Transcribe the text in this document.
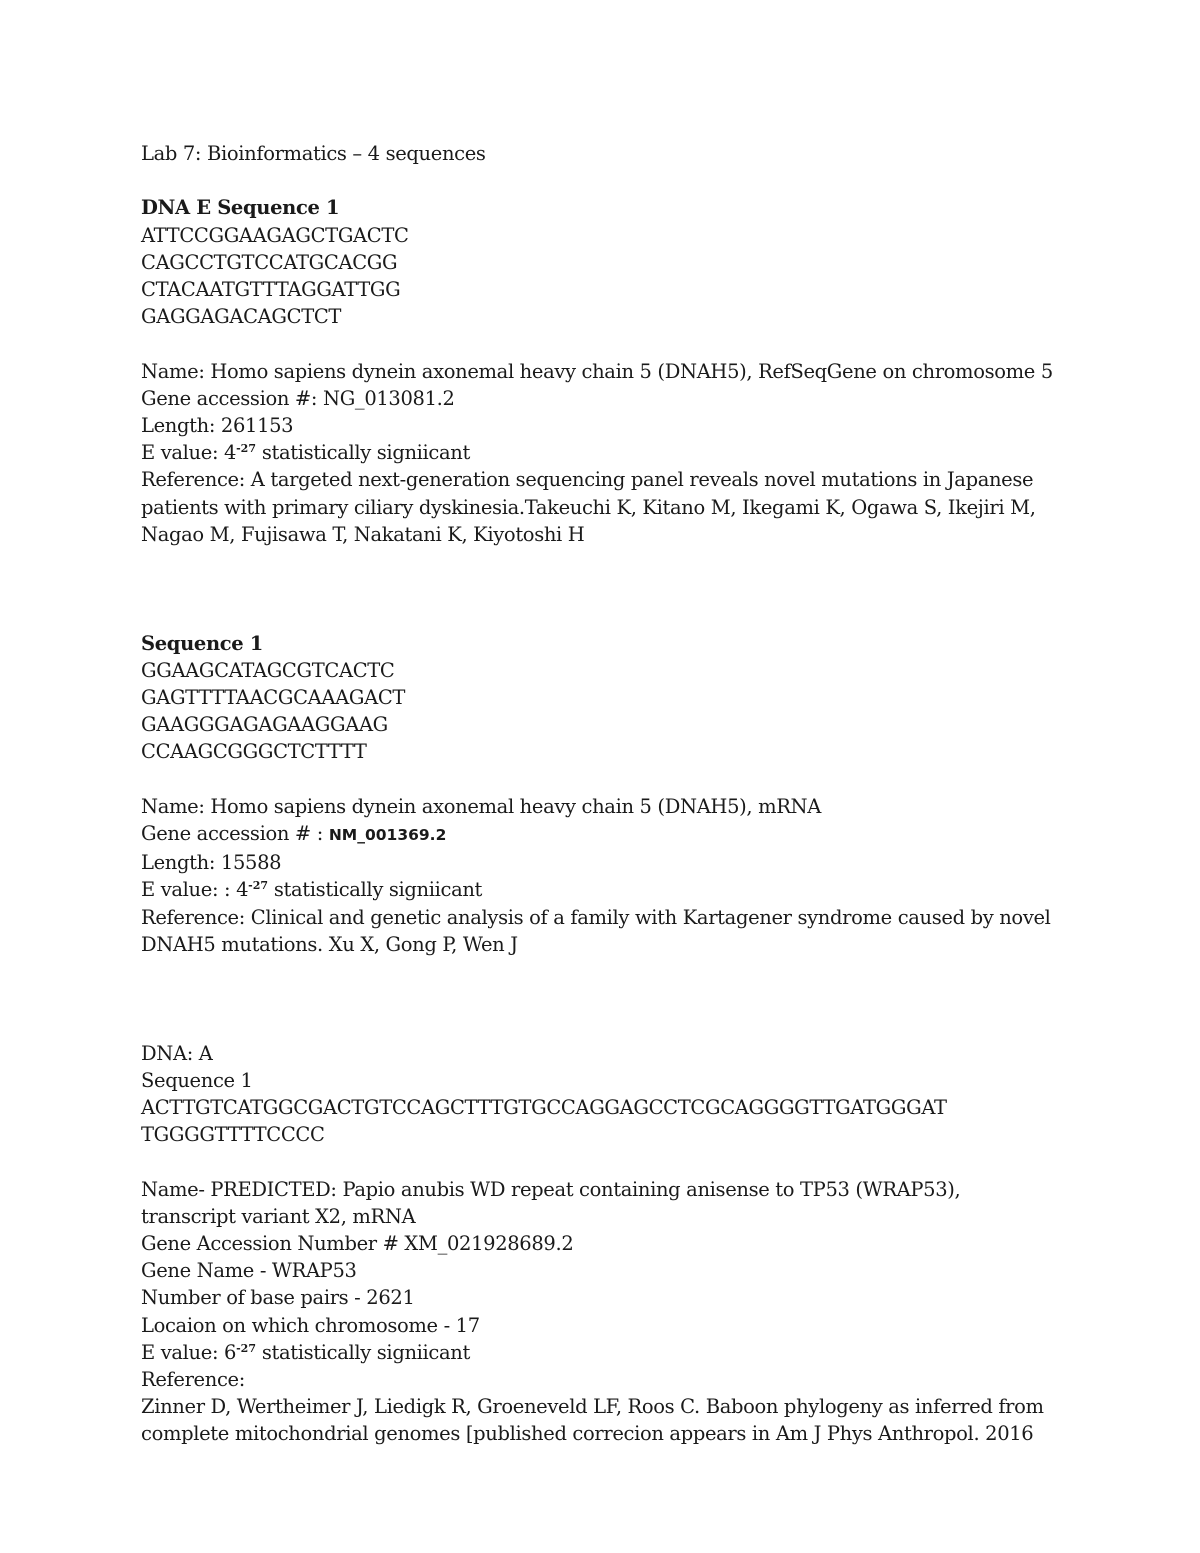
Lab 7: Bioinformatics – 4 sequences
DNA E Sequence 1
ATTCCGGAAGAGCTGACTC
CAGCCTGTCCATGCACGG
CTACAATGTTTAGGATTGG
GAGGAGACAGCTCT
Name: Homo sapiens dynein axonemal heavy chain 5 (DNAH5), RefSeqGene on chromosome 5
Gene accession #: NG_013081.2
Length: 261153
E value: $4^{-27}$ statistically signiicant
Reference: A targeted next-generation sequencing panel reveals novel mutations in Japanese
patients with primary ciliary dyskinesia.Takeuchi K, Kitano M, Ikegami K, Ogawa S, Ikejiri M,
Nagao M, Fujisawa T, Nakatani K, Kiyotoshi H
Sequence 1
GGAAGCATAGCGTCACTC
GAGTTTTAACGCAAAGACT
GAAGGGAGAGAAGGAAG
CCAAGCGGGCTCTTTT
Name: Homo sapiens dynein axonemal heavy chain 5 (DNAH5), mRNA
Gene accession # : NM_001369.2
Length: 15588
E value: : $4^{-27}$ statistically signiicant
Reference: Clinical and genetic analysis of a family with Kartagener syndrome caused by novel
DNAH5 mutations. Xu X, Gong P, Wen J
DNA: A
Sequence 1
ACTTGTCATGGCGACTGTCCAGCTTTGTGCCAGGAGCCTCGCAGGGGTTGATGGGAT
TGGGGTTTTCCCC
Name- PREDICTED: Papio anubis WD repeat containing anisense to TP53 (WRAP53),
transcript variant X2, mRNA
Gene Accession Number # XM_021928689.2
Gene Name - WRAP53
Number of base pairs - 2621
Locaion on which chromosome - 17
E value: $6^{-27}$ statistically signiicant
Reference:
Zinner D, Wertheimer J, Liedigk R, Groeneveld LF, Roos C. Baboon phylogeny as inferred from
complete mitochondrial genomes [published correcion appears in Am J Phys Anthropol. 2016
